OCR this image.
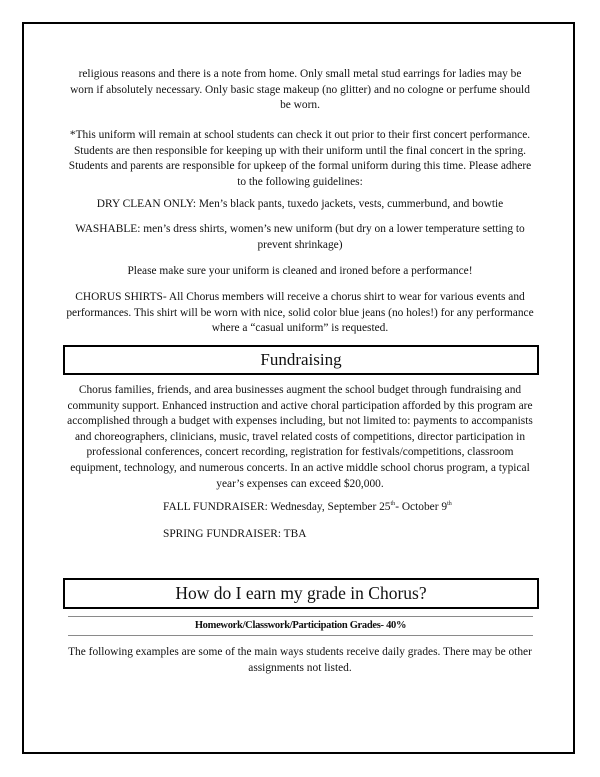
religious reasons and there is a note from home. Only small metal stud earrings for ladies may be worn if absolutely necessary. Only basic stage makeup (no glitter) and no cologne or perfume should be worn.

*This uniform will remain at school students can check it out prior to their first concert performance. Students are then responsible for keeping up with their uniform until the final concert in the spring. Students and parents are responsible for upkeep of the formal uniform during this time. Please adhere to the following guidelines:

DRY CLEAN ONLY: Men’s black pants, tuxedo jackets, vests, cummerbund, and bowtie

WASHABLE: men’s dress shirts, women’s new uniform (but dry on a lower temperature setting to prevent shrinkage)

Please make sure your uniform is cleaned and ironed before a performance!

CHORUS SHIRTS- All Chorus members will receive a chorus shirt to wear for various events and performances. This shirt will be worn with nice, solid color blue jeans (no holes!) for any performance where a “casual uniform” is requested.

Fundraising

Chorus families, friends, and area businesses augment the school budget through fundraising and community support. Enhanced instruction and active choral participation afforded by this program are accomplished through a budget with expenses including, but not limited to: payments to accompanists and choreographers, clinicians, music, travel related costs of competitions, director participation in professional conferences, concert recording, registration for festivals/competitions, classroom equipment, technology, and numerous concerts. In an active middle school chorus program, a typical year’s expenses can exceed $20,000.

FALL FUNDRAISER: Wednesday, September 25th- October 9th
SPRING FUNDRAISER: TBA
How do I earn my grade in Chorus?
Homework/Classwork/Participation Grades- 40%

The following examples are some of the main ways students receive daily grades. There may be other assignments not listed.
